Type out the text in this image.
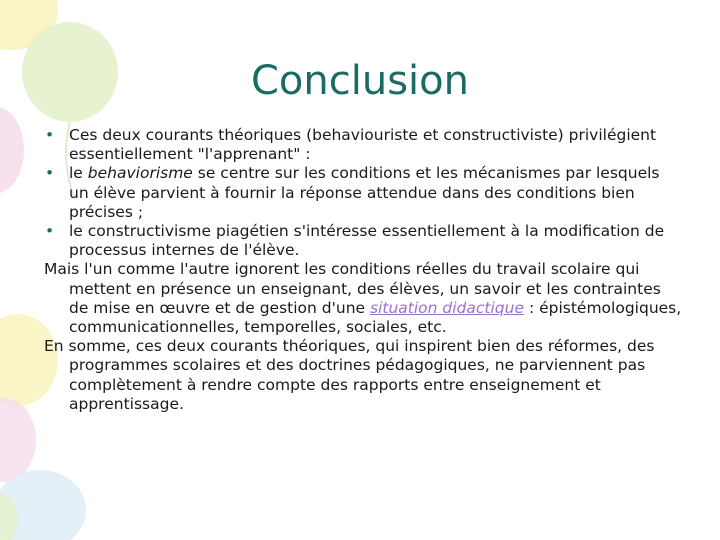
Conclusion
• Ces deux courants théoriques (behaviouriste et constructiviste) privilégient essentiellement "l'apprenant" :
• le behaviorisme se centre sur les conditions et les mécanismes par lesquels un élève parvient à fournir la réponse attendue dans des conditions bien précises ;
• le constructivisme piagétien s'intéresse essentiellement à la modification de processus internes de l'élève.
Mais l'un comme l'autre ignorent les conditions réelles du travail scolaire qui mettent en présence un enseignant, des élèves, un savoir et les contraintes de mise en œuvre et de gestion d'une situation didactique : épistémologiques, communicationnelles, temporelles, sociales, etc.
En somme, ces deux courants théoriques, qui inspirent bien des réformes, des programmes scolaires et des doctrines pédagogiques, ne parviennent pas complètement à rendre compte des rapports entre enseignement et apprentissage.
